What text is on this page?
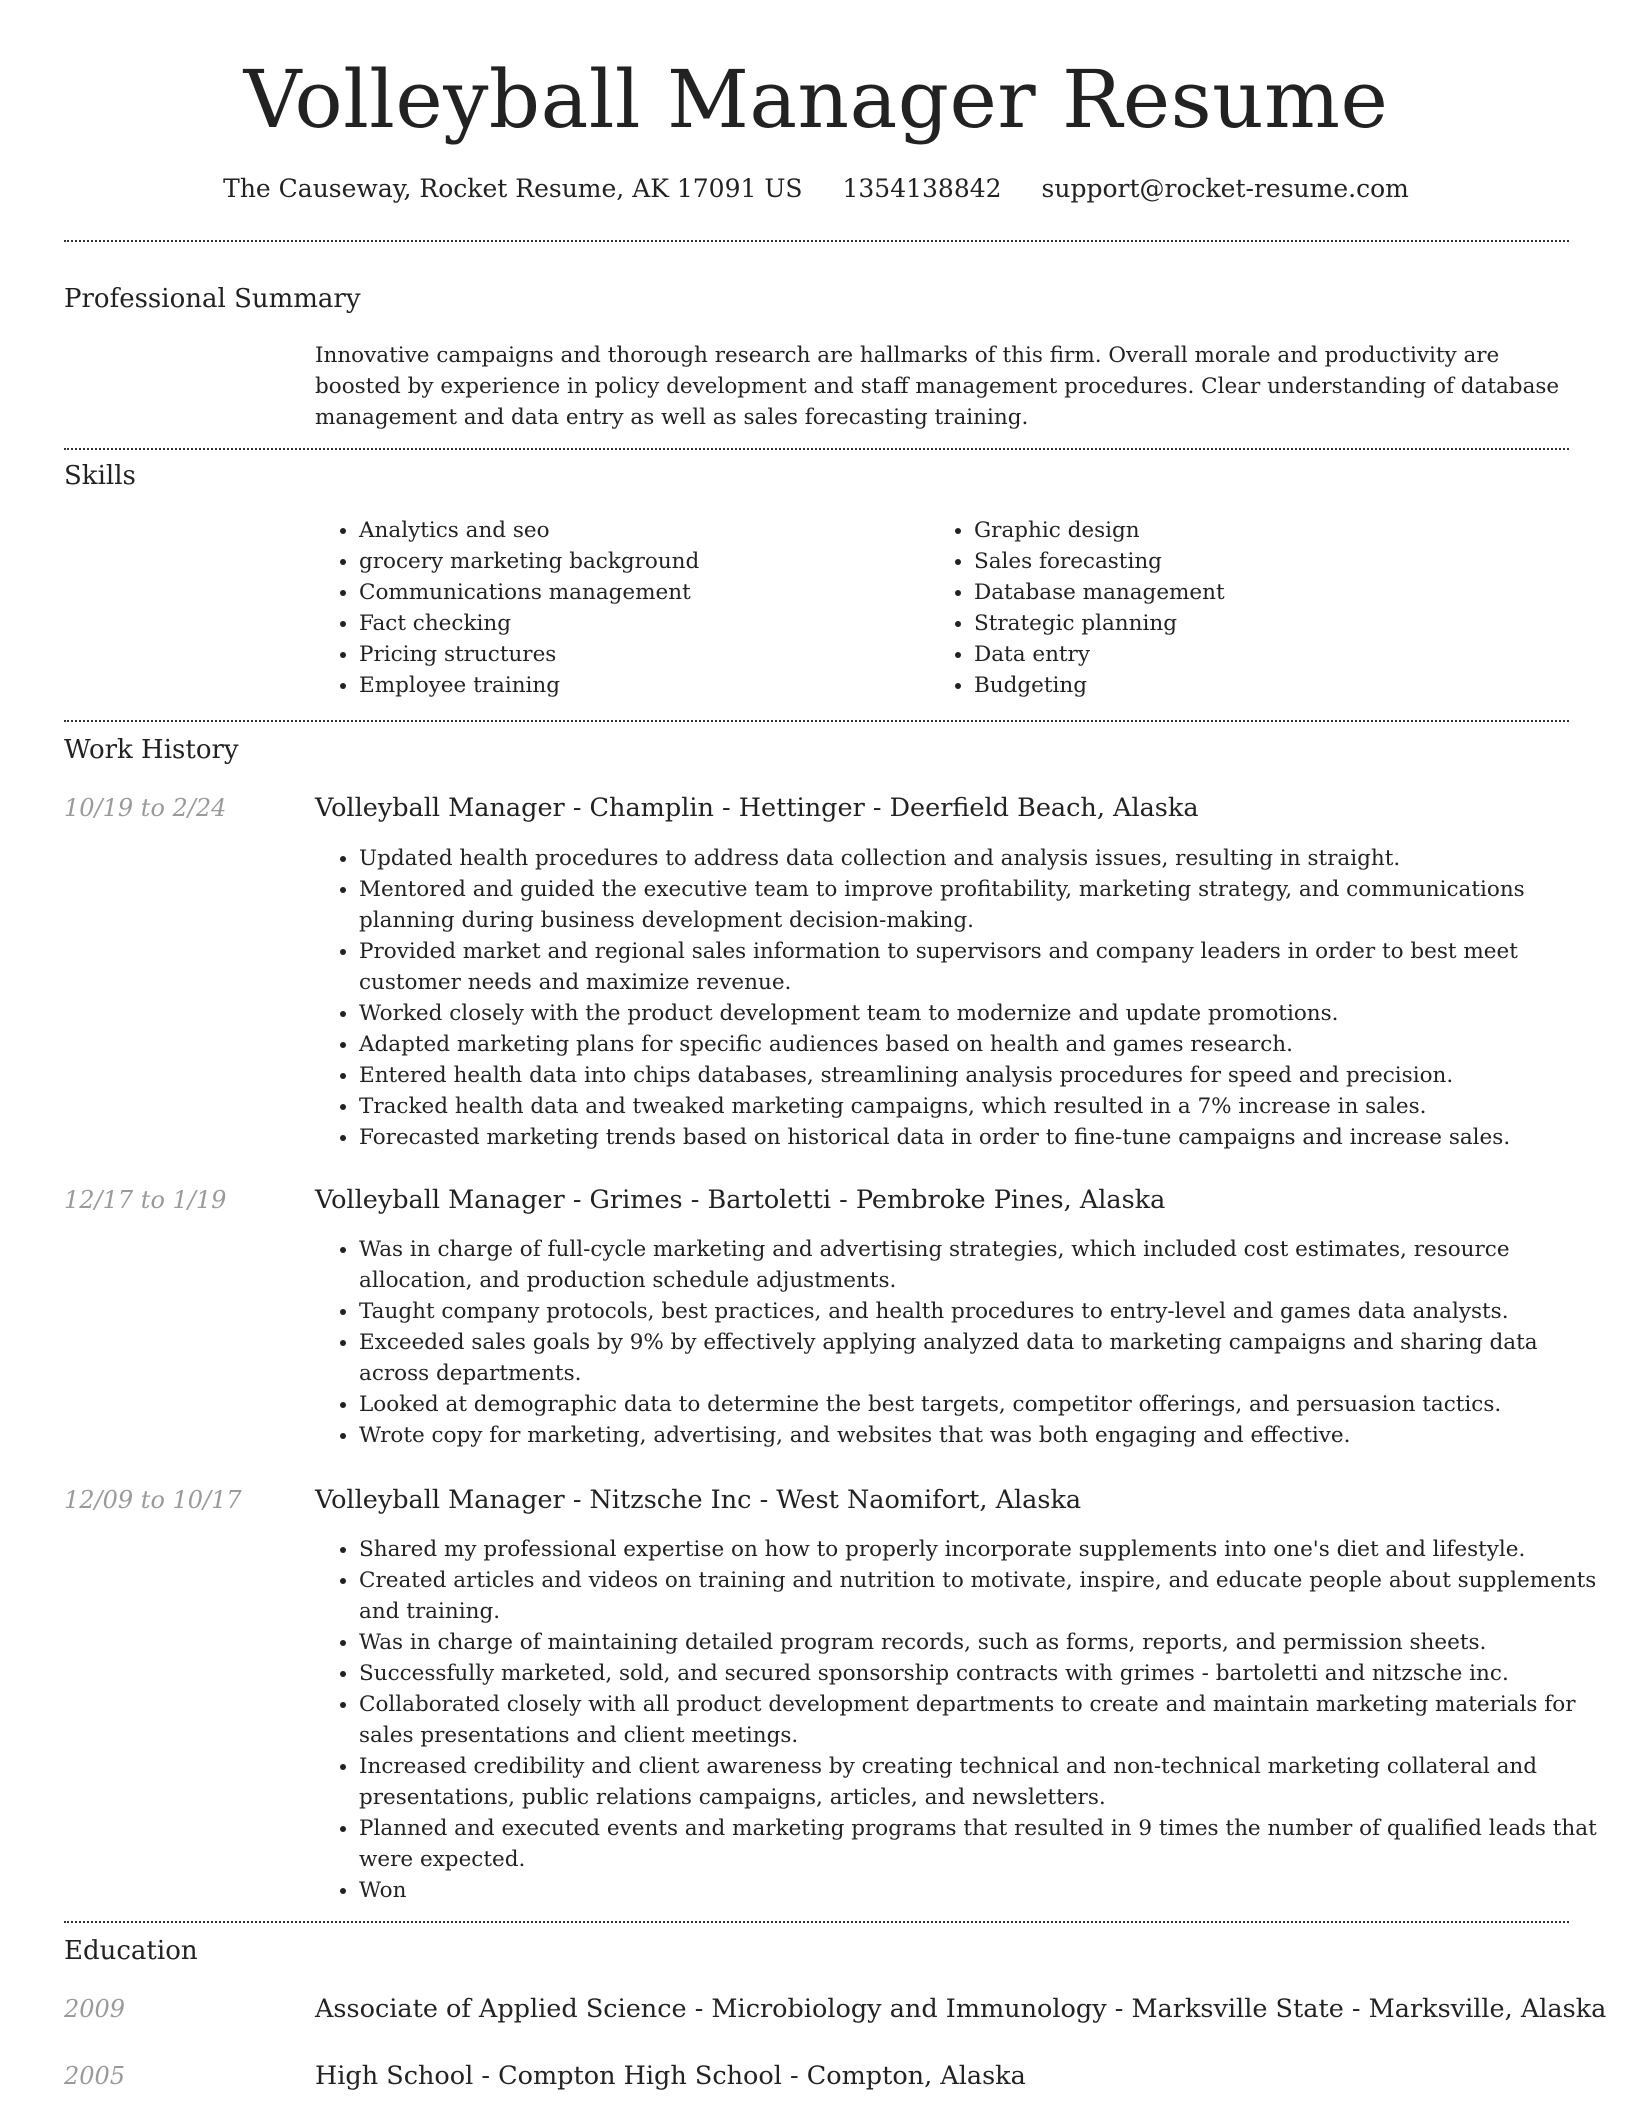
Volleyball Manager Resume
The Causeway, Rocket Resume, AK 17091 US 1354138842 support@rocket-resume.com
Professional Summary

Innovative campaigns and thorough research are hallmarks of this firm. Overall morale and productivity are boosted by experience in policy development and staff management procedures. Clear understanding of database management and data entry as well as sales forecasting training.

Skills
• Analytics and seo
• grocery marketing background
• Communications management
• Fact checking
• Pricing structures
• Employee training
• Graphic design
• Sales forecasting
• Database management
• Strategic planning
• Data entry
• Budgeting
Work History
10/19 to 2/24	Volleyball Manager - Champlin - Hettinger - Deerfield Beach, Alaska
• Updated health procedures to address data collection and analysis issues, resulting in straight.
• Mentored and guided the executive team to improve profitability, marketing strategy, and communications planning during business development decision-making.
• Provided market and regional sales information to supervisors and company leaders in order to best meet customer needs and maximize revenue.
• Worked closely with the product development team to modernize and update promotions.
• Adapted marketing plans for specific audiences based on health and games research.
• Entered health data into chips databases, streamlining analysis procedures for speed and precision.
• Tracked health data and tweaked marketing campaigns, which resulted in a 7% increase in sales.
• Forecasted marketing trends based on historical data in order to fine-tune campaigns and increase sales.
12/17 to 1/19	Volleyball Manager - Grimes - Bartoletti - Pembroke Pines, Alaska
• Was in charge of full-cycle marketing and advertising strategies, which included cost estimates, resource allocation, and production schedule adjustments.
• Taught company protocols, best practices, and health procedures to entry-level and games data analysts.
• Exceeded sales goals by 9% by effectively applying analyzed data to marketing campaigns and sharing data across departments.
• Looked at demographic data to determine the best targets, competitor offerings, and persuasion tactics.
• Wrote copy for marketing, advertising, and websites that was both engaging and effective.
12/09 to 10/17	Volleyball Manager - Nitzsche Inc - West Naomifort, Alaska
• Shared my professional expertise on how to properly incorporate supplements into one's diet and lifestyle.
• Created articles and videos on training and nutrition to motivate, inspire, and educate people about supplements and training.
• Was in charge of maintaining detailed program records, such as forms, reports, and permission sheets.
• Successfully marketed, sold, and secured sponsorship contracts with grimes - bartoletti and nitzsche inc.
• Collaborated closely with all product development departments to create and maintain marketing materials for sales presentations and client meetings.
• Increased credibility and client awareness by creating technical and non-technical marketing collateral and presentations, public relations campaigns, articles, and newsletters.
• Planned and executed events and marketing programs that resulted in 9 times the number of qualified leads that were expected.
• Won
Education
2009	Associate of Applied Science - Microbiology and Immunology - Marksville State - Marksville, Alaska
2005	High School - Compton High School - Compton, Alaska
